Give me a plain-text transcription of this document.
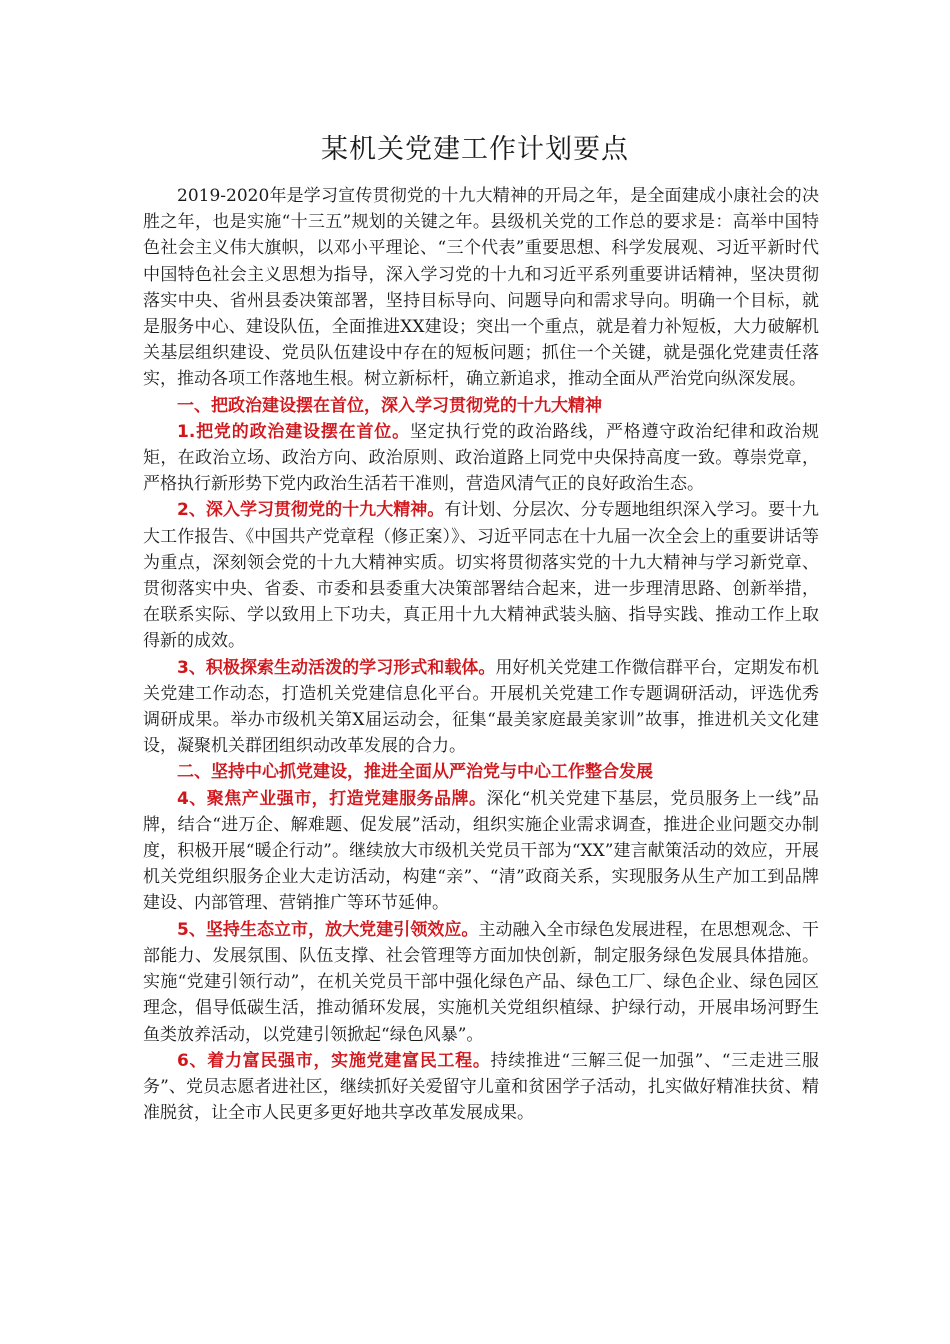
某机关党建工作计划要点

2019-2020年是学习宣传贯彻党的十九大精神的开局之年，是全面建成小康社会的决胜之年，也是实施“十三五”规划的关键之年。县级机关党的工作总的要求是：高举中国特色社会主义伟大旗帜，以邓小平理论、“三个代表”重要思想、科学发展观、习近平新时代中国特色社会主义思想为指导，深入学习党的十九和习近平系列重要讲话精神，坚决贯彻落实中央、省州县委决策部署，坚持目标导向、问题导向和需求导向。明确一个目标，就是服务中心、建设队伍，全面推进XX建设；突出一个重点，就是着力补短板，大力破解机关基层组织建设、党员队伍建设中存在的短板问题；抓住一个关键，就是强化党建责任落实，推动各项工作落地生根。树立新标杆，确立新追求，推动全面从严治党向纵深发展。

一、把政治建设摆在首位，深入学习贯彻党的十九大精神

1.把党的政治建设摆在首位。坚定执行党的政治路线，严格遵守政治纪律和政治规矩，在政治立场、政治方向、政治原则、政治道路上同党中央保持高度一致。尊崇党章，严格执行新形势下党内政治生活若干准则，营造风清气正的良好政治生态。

2、深入学习贯彻党的十九大精神。有计划、分层次、分专题地组织深入学习。要十九大工作报告、《中国共产党章程（修正案）》、习近平同志在十九届一次全会上的重要讲话等为重点，深刻领会党的十九大精神实质。切实将贯彻落实党的十九大精神与学习新党章、贯彻落实中央、省委、市委和县委重大决策部署结合起来，进一步理清思路、创新举措，在联系实际、学以致用上下功夫，真正用十九大精神武装头脑、指导实践、推动工作上取得新的成效。

3、积极探索生动活泼的学习形式和载体。用好机关党建工作微信群平台，定期发布机关党建工作动态，打造机关党建信息化平台。开展机关党建工作专题调研活动，评选优秀调研成果。举办市级机关第X届运动会，征集“最美家庭最美家训”故事，推进机关文化建设，凝聚机关群团组织动改革发展的合力。

二、坚持中心抓党建设，推进全面从严治党与中心工作整合发展

4、聚焦产业强市，打造党建服务品牌。深化“机关党建下基层，党员服务上一线”品牌，结合“进万企、解难题、促发展”活动，组织实施企业需求调查，推进企业问题交办制度，积极开展“暖企行动”。继续放大市级机关党员干部为“XX”建言献策活动的效应，开展机关党组织服务企业大走访活动，构建“亲”、“清”政商关系，实现服务从生产加工到品牌建设、内部管理、营销推广等环节延伸。

5、坚持生态立市，放大党建引领效应。主动融入全市绿色发展进程，在思想观念、干部能力、发展氛围、队伍支撑、社会管理等方面加快创新，制定服务绿色发展具体措施。实施“党建引领行动”，在机关党员干部中强化绿色产品、绿色工厂、绿色企业、绿色园区理念，倡导低碳生活，推动循环发展，实施机关党组织植绿、护绿行动，开展串场河野生鱼类放养活动，以党建引领掀起“绿色风暴”。

6、着力富民强市，实施党建富民工程。持续推进“三解三促一加强”、“三走进三服务”、党员志愿者进社区，继续抓好关爱留守儿童和贫困学子活动，扎实做好精准扶贫、精准脱贫，让全市人民更多更好地共享改革发展成果。
